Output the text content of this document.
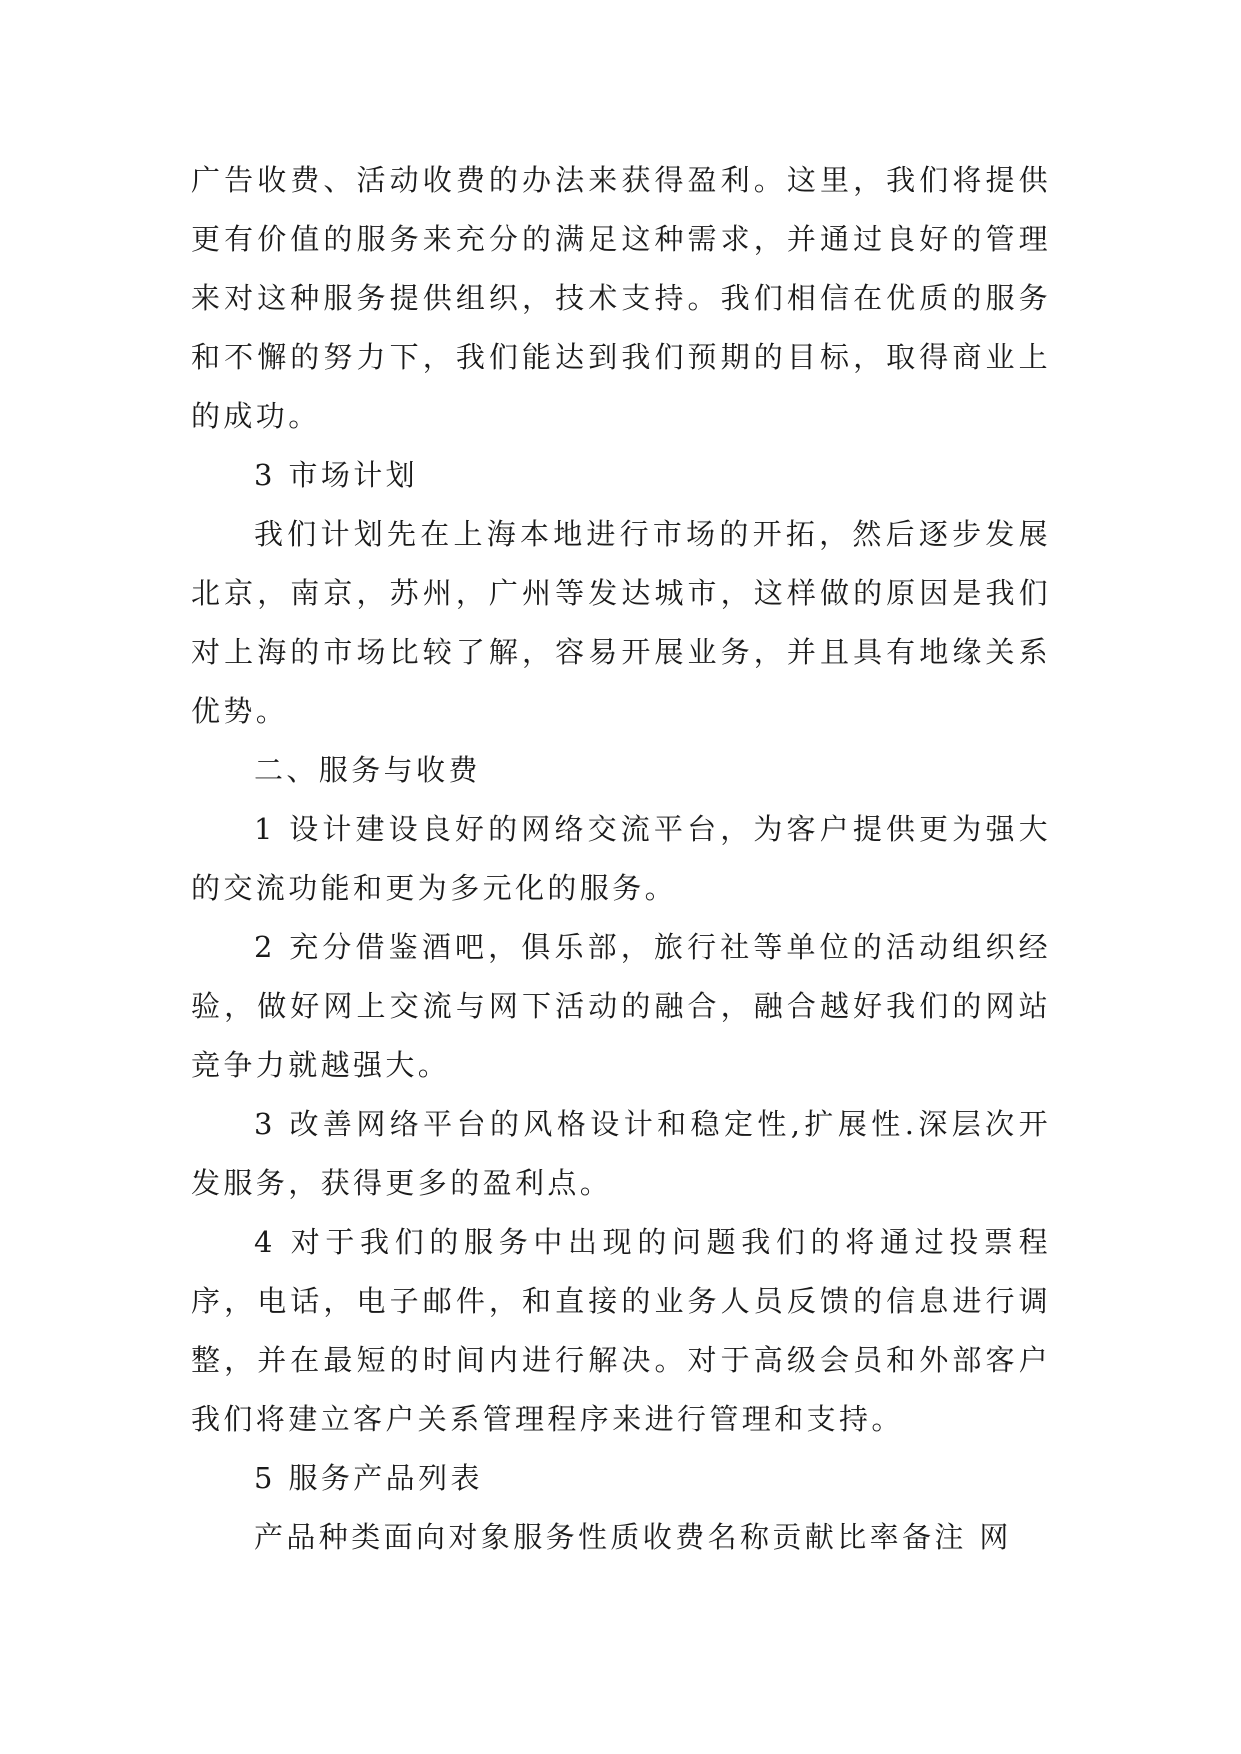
广告收费、活动收费的办法来获得盈利。这里，我们将提供更有价值的服务来充分的满足这种需求，并通过良好的管理来对这种服务提供组织，技术支持。我们相信在优质的服务和不懈的努力下，我们能达到我们预期的目标，取得商业上的成功。

3 市场计划

我们计划先在上海本地进行市场的开拓，然后逐步发展北京，南京，苏州，广州等发达城市，这样做的原因是我们对上海的市场比较了解，容易开展业务，并且具有地缘关系优势。

二、服务与收费

1 设计建设良好的网络交流平台，为客户提供更为强大的交流功能和更为多元化的服务。

2 充分借鉴酒吧，俱乐部，旅行社等单位的活动组织经验，做好网上交流与网下活动的融合，融合越好我们的网站竞争力就越强大。

3 改善网络平台的风格设计和稳定性,扩展性.深层次开发服务，获得更多的盈利点。

4 对于我们的服务中出现的问题我们的将通过投票程序，电话，电子邮件，和直接的业务人员反馈的信息进行调整，并在最短的时间内进行解决。对于高级会员和外部客户我们将建立客户关系管理程序来进行管理和支持。

5 服务产品列表

产品种类面向对象服务性质收费名称贡献比率备注 网
